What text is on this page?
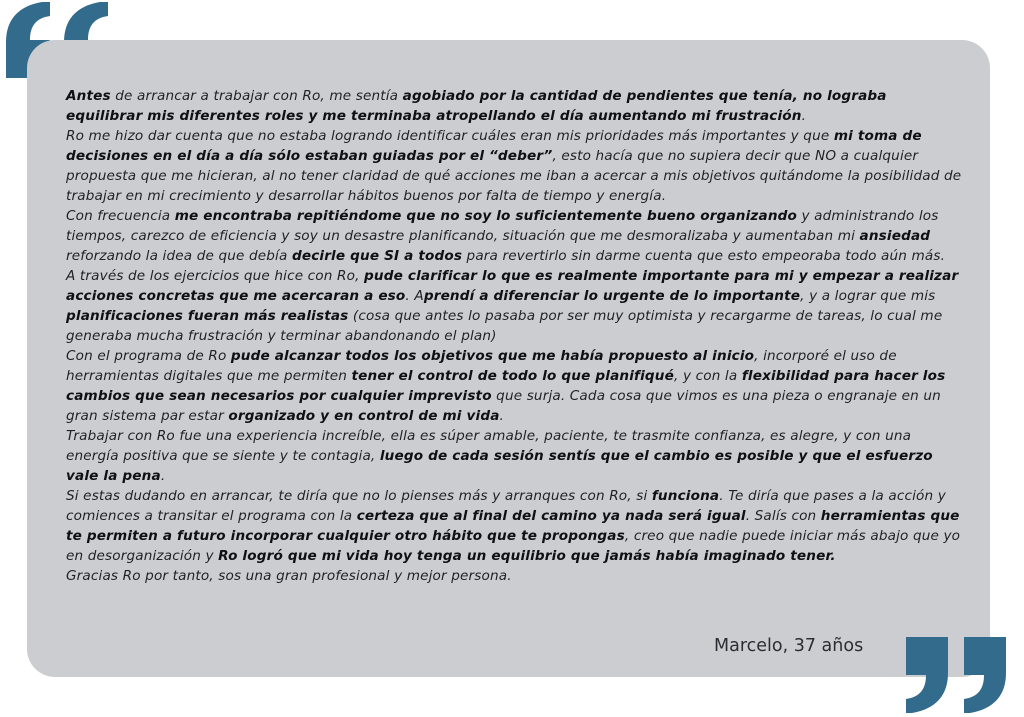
Antes de arrancar a trabajar con Ro, me sentía agobiado por la cantidad de pendientes que tenía, no lograba equilibrar mis diferentes roles y me terminaba atropellando el día aumentando mi frustración.

Ro me hizo dar cuenta que no estaba logrando identificar cuáles eran mis prioridades más importantes y que mi toma de decisiones en el día a día sólo estaban guiadas por el “deber”, esto hacía que no supiera decir que NO a cualquier propuesta que me hicieran, al no tener claridad de qué acciones me iban a acercar a mis objetivos quitándome la posibilidad de trabajar en mi crecimiento y desarrollar hábitos buenos por falta de tiempo y energía.

Con frecuencia me encontraba repitiéndome que no soy lo suficientemente bueno organizando y administrando los tiempos, carezco de eficiencia y soy un desastre planificando, situación que me desmoralizaba y aumentaban mi ansiedad reforzando la idea de que debía decirle que SI a todos para revertirlo sin darme cuenta que esto empeoraba todo aún más.

A través de los ejercicios que hice con Ro, pude clarificar lo que es realmente importante para mi y empezar a realizar acciones concretas que me acercaran a eso. Aprendí a diferenciar lo urgente de lo importante, y a lograr que mis planificaciones fueran más realistas (cosa que antes lo pasaba por ser muy optimista y recargarme de tareas, lo cual me generaba mucha frustración y terminar abandonando el plan)

Con el programa de Ro pude alcanzar todos los objetivos que me había propuesto al inicio, incorporé el uso de herramientas digitales que me permiten tener el control de todo lo que planifiqué, y con la flexibilidad para hacer los cambios que sean necesarios por cualquier imprevisto que surja. Cada cosa que vimos es una pieza o engranaje en un gran sistema par estar organizado y en control de mi vida.

Trabajar con Ro fue una experiencia increíble, ella es súper amable, paciente, te trasmite confianza, es alegre, y con una energía positiva que se siente y te contagia, luego de cada sesión sentís que el cambio es posible y que el esfuerzo vale la pena.

Si estas dudando en arrancar, te diría que no lo pienses más y arranques con Ro, si funciona. Te diría que pases a la acción y comiences a transitar el programa con la certeza que al final del camino ya nada será igual. Salís con herramientas que te permiten a futuro incorporar cualquier otro hábito que te propongas, creo que nadie puede iniciar más abajo que yo en desorganización y Ro logró que mi vida hoy tenga un equilibrio que jamás había imaginado tener.

Gracias Ro por tanto, sos una gran profesional y mejor persona.

Marcelo, 37 años
